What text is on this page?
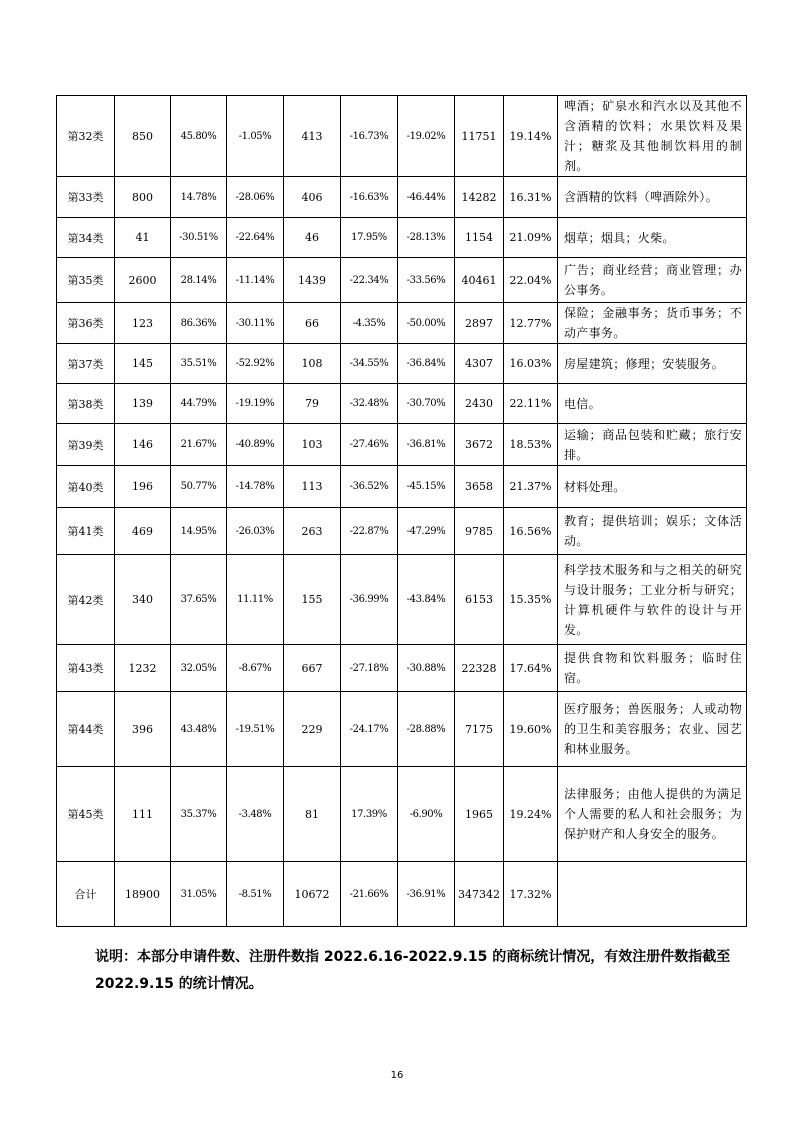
第32类	850	45.80%	-1.05%	413	-16.73%	-19.02%	11751	19.14%	啤酒；矿泉水和汽水以及其他不含酒精的饮料；水果饮料及果汁；糖浆及其他制饮料用的制剂。
第33类	800	14.78%	-28.06%	406	-16.63%	-46.44%	14282	16.31%	含酒精的饮料（啤酒除外）。
第34类	41	-30.51%	-22.64%	46	17.95%	-28.13%	1154	21.09%	烟草；烟具；火柴。
第35类	2600	28.14%	-11.14%	1439	-22.34%	-33.56%	40461	22.04%	广告；商业经营；商业管理；办公事务。
第36类	123	86.36%	-30.11%	66	-4.35%	-50.00%	2897	12.77%	保险；金融事务；货币事务；不动产事务。
第37类	145	35.51%	-52.92%	108	-34.55%	-36.84%	4307	16.03%	房屋建筑；修理；安装服务。
第38类	139	44.79%	-19.19%	79	-32.48%	-30.70%	2430	22.11%	电信。
第39类	146	21.67%	-40.89%	103	-27.46%	-36.81%	3672	18.53%	运输；商品包装和贮藏；旅行安排。
第40类	196	50.77%	-14.78%	113	-36.52%	-45.15%	3658	21.37%	材料处理。
第41类	469	14.95%	-26.03%	263	-22.87%	-47.29%	9785	16.56%	教育；提供培训；娱乐；文体活动。
第42类	340	37.65%	11.11%	155	-36.99%	-43.84%	6153	15.35%	科学技术服务和与之相关的研究与设计服务；工业分析与研究；计算机硬件与软件的设计与开发。
第43类	1232	32.05%	-8.67%	667	-27.18%	-30.88%	22328	17.64%	提供食物和饮料服务；临时住宿。
第44类	396	43.48%	-19.51%	229	-24.17%	-28.88%	7175	19.60%	医疗服务；兽医服务；人或动物的卫生和美容服务；农业、园艺和林业服务。
第45类	111	35.37%	-3.48%	81	17.39%	-6.90%	1965	19.24%	法律服务；由他人提供的为满足个人需要的私人和社会服务；为保护财产和人身安全的服务。
合计	18900	31.05%	-8.51%	10672	-21.66%	-36.91%	347342	17.32%	

说明：本部分申请件数、注册件数指 2022.6.16-2022.9.15 的商标统计情况，有效注册件数指截至 2022.9.15 的统计情况。

16
